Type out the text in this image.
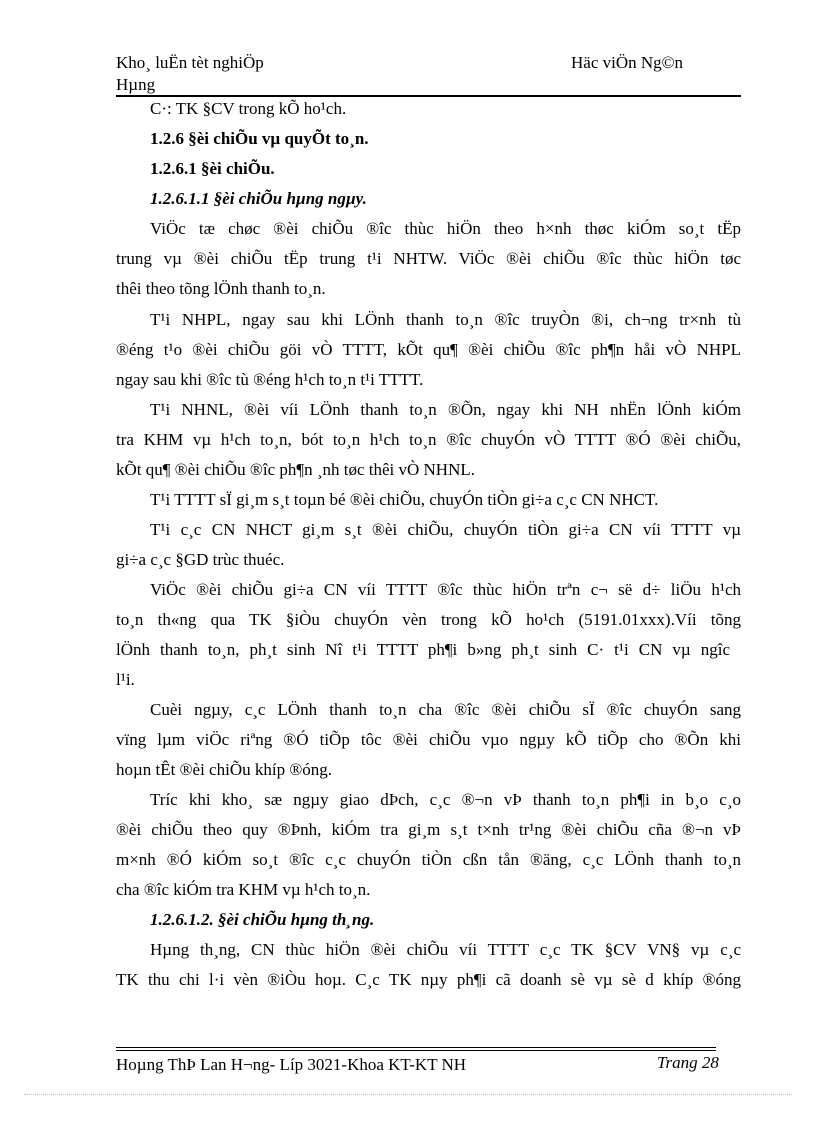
Kho¸ luËn tèt nghiÖp
Hµng
Häc viÖn Ng©n
C·: TK §CV trong kÕ ho¹ch.
1.2.6 §èi chiÕu vµ quyÕt to¸n.
1.2.6.1 §èi chiÕu.
1.2.6.1.1 §èi chiÕu hµng ngµy.
ViÖc tæ chøc ®èi chiÕu ®îc thùc hiÖn theo h×nh thøc kiÓm so¸t tËp
trung vµ ®èi chiÕu tËp trung t¹i NHTW. ViÖc ®èi chiÕu ®îc thùc hiÖn tøc
thêi theo tõng lÖnh thanh to¸n.
T¹i NHPL, ngay sau khi LÖnh thanh to¸n ®îc truyÒn ®i, ch¬ng tr×nh tù
®éng t¹o ®èi chiÕu göi vÒ TTTT, kÕt qu¶ ®èi chiÕu ®îc ph¶n håi vÒ NHPL
ngay sau khi ®îc tù ®éng h¹ch to¸n t¹i TTTT.
T¹i NHNL, ®èi víi LÖnh thanh to¸n ®Õn, ngay khi NH nhËn lÖnh kiÓm
tra KHM vµ h¹ch to¸n, bót to¸n h¹ch to¸n ®îc chuyÓn vÒ TTTT ®Ó ®èi chiÕu,
kÕt qu¶ ®èi chiÕu ®îc ph¶n ¸nh tøc thêi vÒ NHNL.
T¹i TTTT sÏ gi¸m s¸t toµn bé ®èi chiÕu, chuyÓn tiÒn gi÷a c¸c CN NHCT.
T¹i c¸c CN NHCT gi¸m s¸t ®èi chiÕu, chuyÓn tiÒn gi÷a CN víi TTTT vµ
gi÷a c¸c §GD trùc thuéc.
ViÖc ®èi chiÕu gi÷a CN víi TTTT ®îc thùc hiÖn trªn c¬ së d÷ liÖu h¹ch
to¸n th«ng qua TK §iÒu chuyÓn vèn trong kÕ ho¹ch (5191.01xxx).Víi tõng
lÖnh thanh to¸n, ph¸t sinh Nî t¹i TTTT ph¶i b»ng ph¸t sinh C· t¹i CN vµ ngîc
l¹i.
Cuèi ngµy, c¸c LÖnh thanh to¸n cha ®îc ®èi chiÕu sÏ ®îc chuyÓn sang
vïng lµm viÖc riªng ®Ó tiÕp tôc ®èi chiÕu vµo ngµy kÕ tiÕp cho ®Õn khi
hoµn tÊt ®èi chiÕu khíp ®óng.
Tríc khi kho¸ sæ ngµy giao dÞch, c¸c ®¬n vÞ thanh to¸n ph¶i in b¸o c¸o
®èi chiÕu theo quy ®Þnh, kiÓm tra gi¸m s¸t t×nh tr¹ng ®èi chiÕu cña ®¬n vÞ
m×nh ®Ó kiÓm so¸t ®îc c¸c chuyÓn tiÒn cßn tån ®äng, c¸c LÖnh thanh to¸n
cha ®îc kiÓm tra KHM vµ h¹ch to¸n.
1.2.6.1.2. §èi chiÕu hµng th¸ng.
Hµng th¸ng, CN thùc hiÖn ®èi chiÕu víi TTTT c¸c TK §CV VN§ vµ c¸c
TK thu chi l·i vèn ®iÒu hoµ. C¸c TK nµy ph¶i cã doanh sè vµ sè d khíp ®óng
Hoµng ThÞ Lan H¬ng- Líp 3021-Khoa KT-KT NH	Trang 28
